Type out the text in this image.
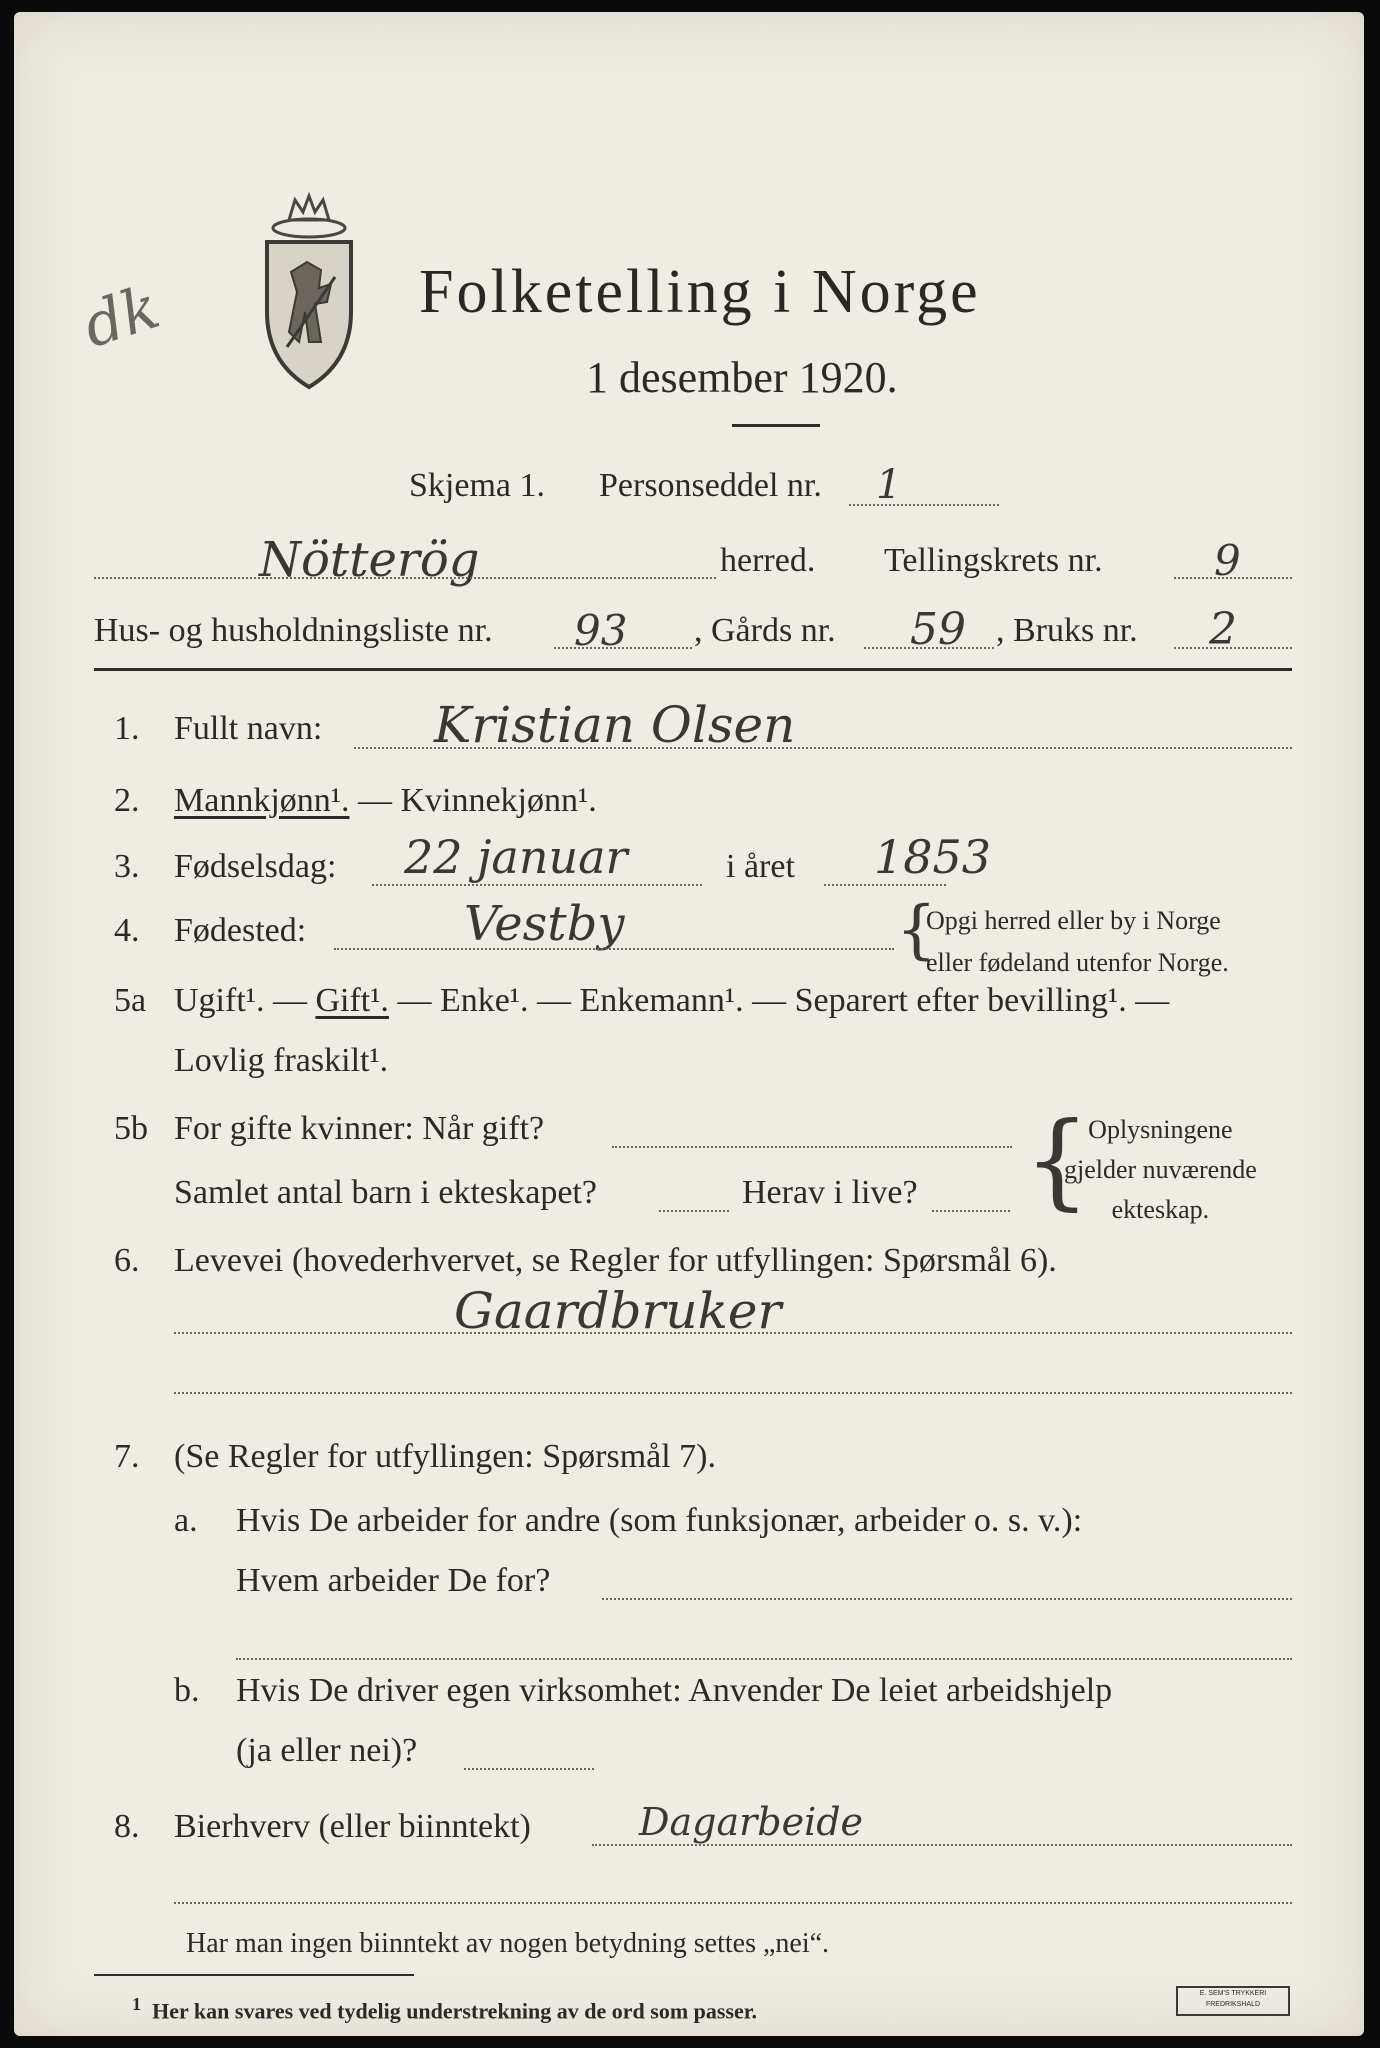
dk	Folketelling i Norge
1 desember 1920.
Skjema 1. Personseddel nr. 1
Nötterög	herred. Tellingskrets nr.	9
Hus- og husholdningsliste nr. 93 , Gårds nr. 59 , Bruks nr. 2
1. Fullt navn: Kristian Olsen
2. Mannkjønn¹. — Kvinnekjønn¹.
3. Fødselsdag: 22 januar	i året 1853
4. Fødested:	Vestby	{
Opgi herred eller by i Norge
eller fødeland utenfor Norge.
5a Ugift¹. — Gift¹. — Enke¹. — Enkemann¹. — Separert efter bevilling¹. —
Lovlig fraskilt¹.
5b For gifte kvinner: Når gift?
Samlet antal barn i ekteskapet?	Herav i live? {
Oplysningene
gjelder nuværende
ekteskap.
6. Levevei (hovederhvervet, se Regler for utfyllingen: Spørsmål 6).
Gaardbruker
7. (Se Regler for utfyllingen: Spørsmål 7).
a. Hvis De arbeider for andre (som funksjonær, arbeider o. s. v.):
Hvem arbeider De for?
b. Hvis De driver egen virksomhet: Anvender De leiet arbeidshjelp
(ja eller nei)?
8. Bierhverv (eller biinntekt)	Dagarbeide
Har man ingen biinntekt av nogen betydning settes „nei“.
$^1$ Her kan svares ved tydelig understrekning av de ord som passer.
E. SEM'S TRYKKERI FREDRIKSHALD
